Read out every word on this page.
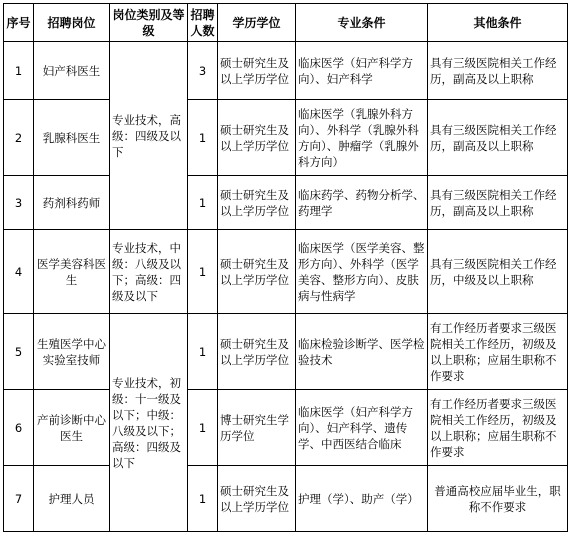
序号	招聘岗位	岗位类别及等级	招聘人数	学历学位	专业条件	其他条件
1	妇产科医生	专业技术，高级：四级及以下	3	硕士研究生及以上学历学位	临床医学（妇产科学方向）、妇产科学	具有三级医院相关工作经历，副高及以上职称
2	乳腺科医生		1	硕士研究生及以上学历学位	临床医学（乳腺外科方向）、外科学（乳腺外科方向）、肿瘤学（乳腺外科方向）	具有三级医院相关工作经历，副高及以上职称
3	药剂科药师		1	硕士研究生及以上学历学位	临床药学、药物分析学、药理学	具有三级医院相关工作经历，副高及以上职称
4	医学美容科医生	专业技术，中级：八级及以下；高级：四级及以下	1	硕士研究生及以上学历学位	临床医学（医学美容、整形方向）、外科学（医学美容、整形方向）、皮肤病与性病学	具有三级医院相关工作经历，中级及以上职称
5	生殖医学中心实验室技师	专业技术，初级：十一级及以下；中级：八级及以下；高级：四级及以下	1	硕士研究生及以上学历学位	临床检验诊断学、医学检验技术	有工作经历者要求三级医院相关工作经历，初级及以上职称；应届生职称不作要求
6	产前诊断中心医生		1	博士研究生学历学位	临床医学（妇产科学方向）、妇产科学、遗传学、中西医结合临床	有工作经历者要求三级医院相关工作经历，初级及以上职称；应届生职称不作要求
7	护理人员		1	硕士研究生及以上学历学位	护理（学）、助产（学）	普通高校应届毕业生，职称不作要求
